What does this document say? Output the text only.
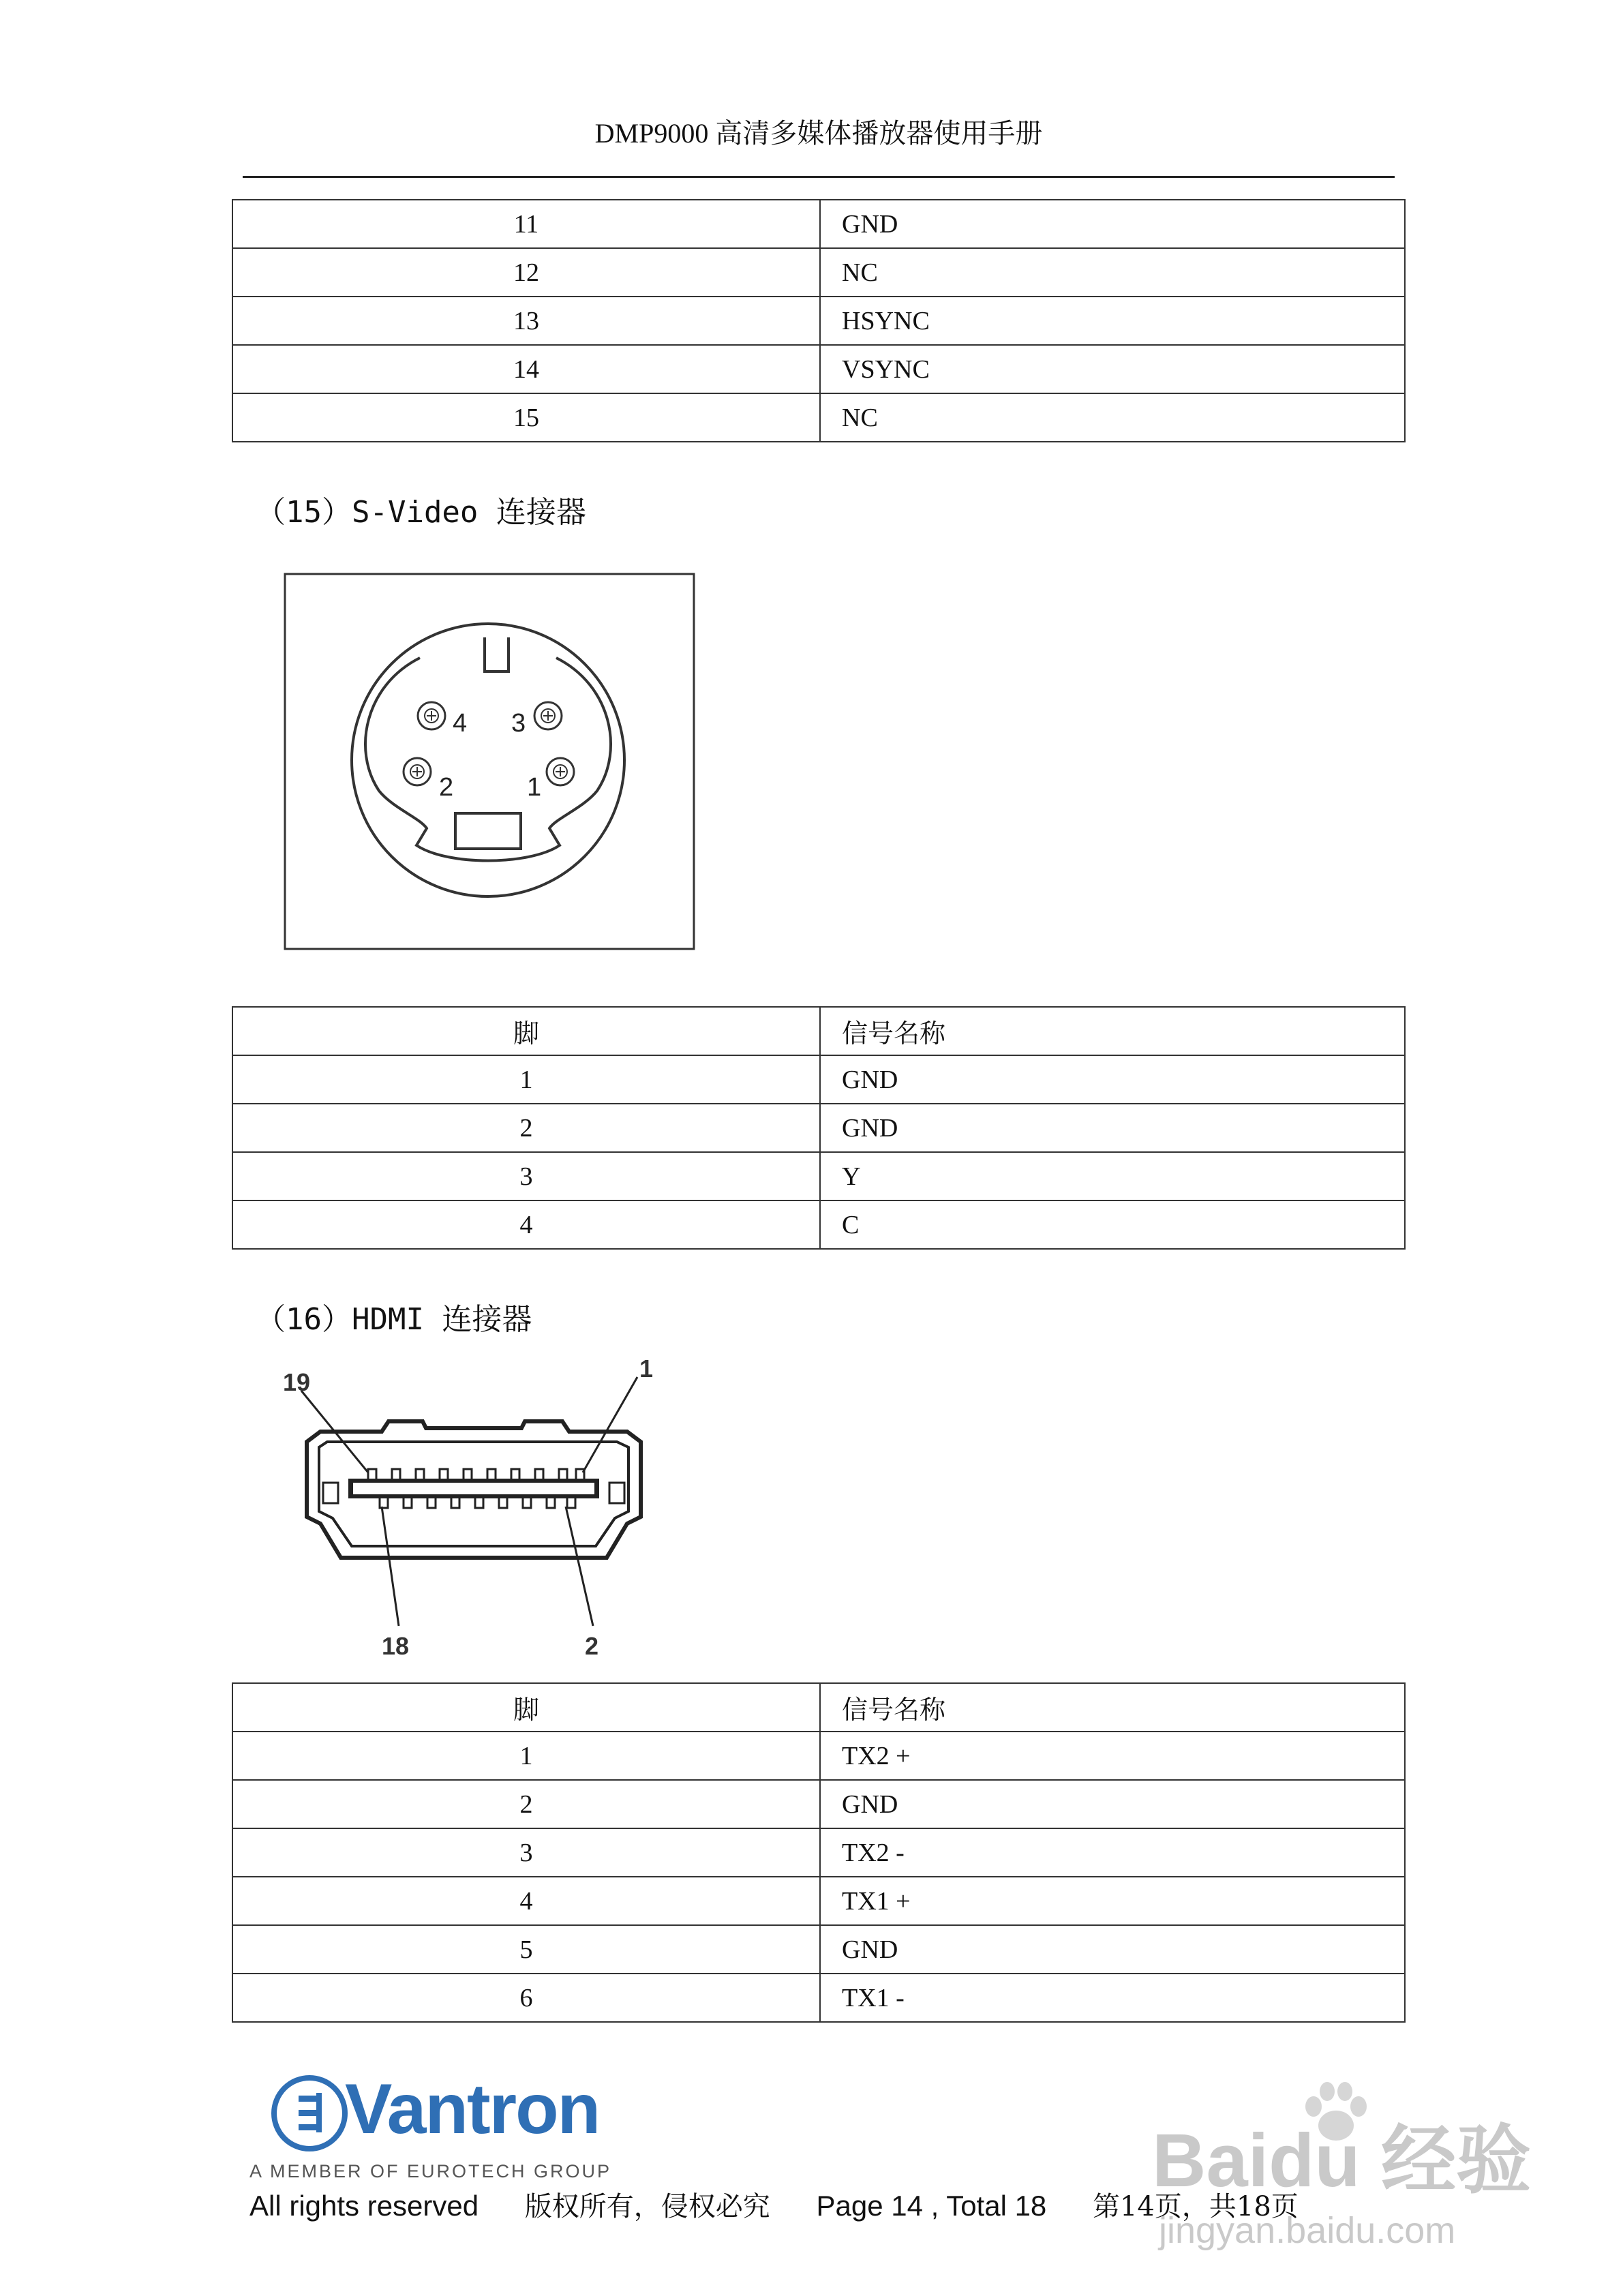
DMP9000 高清多媒体播放器使用手册
11	GND
12	NC
13	HSYNC
14	VSYNC
15	NC
（15）S-Video 连接器
4 3
2	1
脚	信号名称
1	GND
2	GND
3	Y
4	C
（16）HDMI 连接器
19	1
18	2
脚	信号名称
1	TX2 +
2	GND
3	TX2 -
4	TX1 +
5	GND
6	TX1 -
Vantron
A MEMBER OF EUROTECH GROUP
All rights reserved 版权所有，侵权必究 Page 14 , Total 18 第14页，共18页
Baidu 经验
jingyan.baidu.com
